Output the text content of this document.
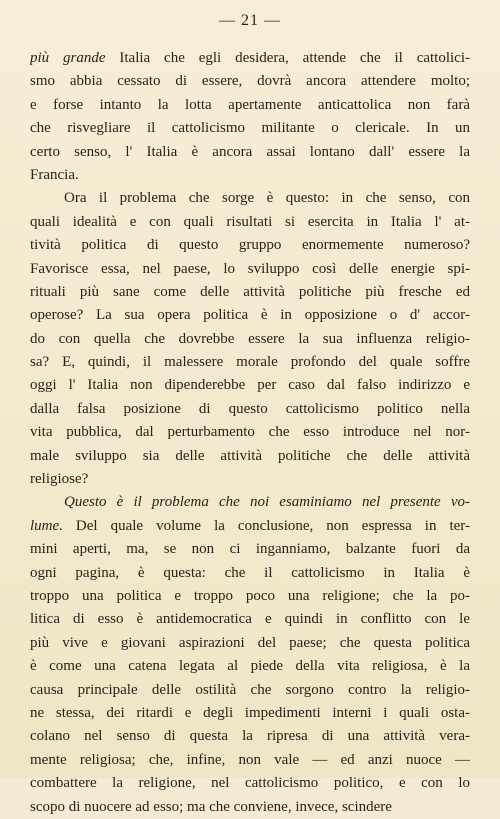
— 21 —
più grande Italia che egli desidera, attende che il cattolici-
smo abbia cessato di essere, dovrà ancora attendere molto;
e forse intanto la lotta apertamente anticattolica non farà
che risvegliare il cattolicismo militante o clericale. In un
certo senso, l' Italia è ancora assai lontano dall' essere la
Francia.
Ora il problema che sorge è questo: in che senso, con
quali idealità e con quali risultati si esercita in Italia l' at-
tività politica di questo gruppo enormemente numeroso?
Favorisce essa, nel paese, lo sviluppo così delle energie spi-
rituali più sane come delle attività politiche più fresche ed
operose? La sua opera politica è in opposizione o d' accor-
do con quella che dovrebbe essere la sua influenza religio-
sa? E, quindi, il malessere morale profondo del quale soffre
oggi l' Italia non dipenderebbe per caso dal falso indirizzo e
dalla falsa posizione di questo cattolicismo politico nella
vita pubblica, dal perturbamento che esso introduce nel nor-
male sviluppo sia delle attività politiche che delle attività
religiose?
Questo è il problema che noi esaminiamo nel presente vo-
lume. Del quale volume la conclusione, non espressa in ter-
mini aperti, ma, se non ci inganniamo, balzante fuori da
ogni pagina, è questa: che il cattolicismo in Italia è
troppo una politica e troppo poco una religione; che la po-
litica di esso è antidemocratica e quindi in conflitto con le
più vive e giovani aspirazioni del paese; che questa politica
è come una catena legata al piede della vita religiosa, è la
causa principale delle ostilità che sorgono contro la religio-
ne stessa, dei ritardi e degli impedimenti interni i quali osta-
colano nel senso di questa la ripresa di una attività vera-
mente religiosa; che, infine, non vale — ed anzi nuoce —
combattere la religione, nel cattolicismo politico, e con lo
scopo di nuocere ad esso; ma che conviene, invece, scindere
